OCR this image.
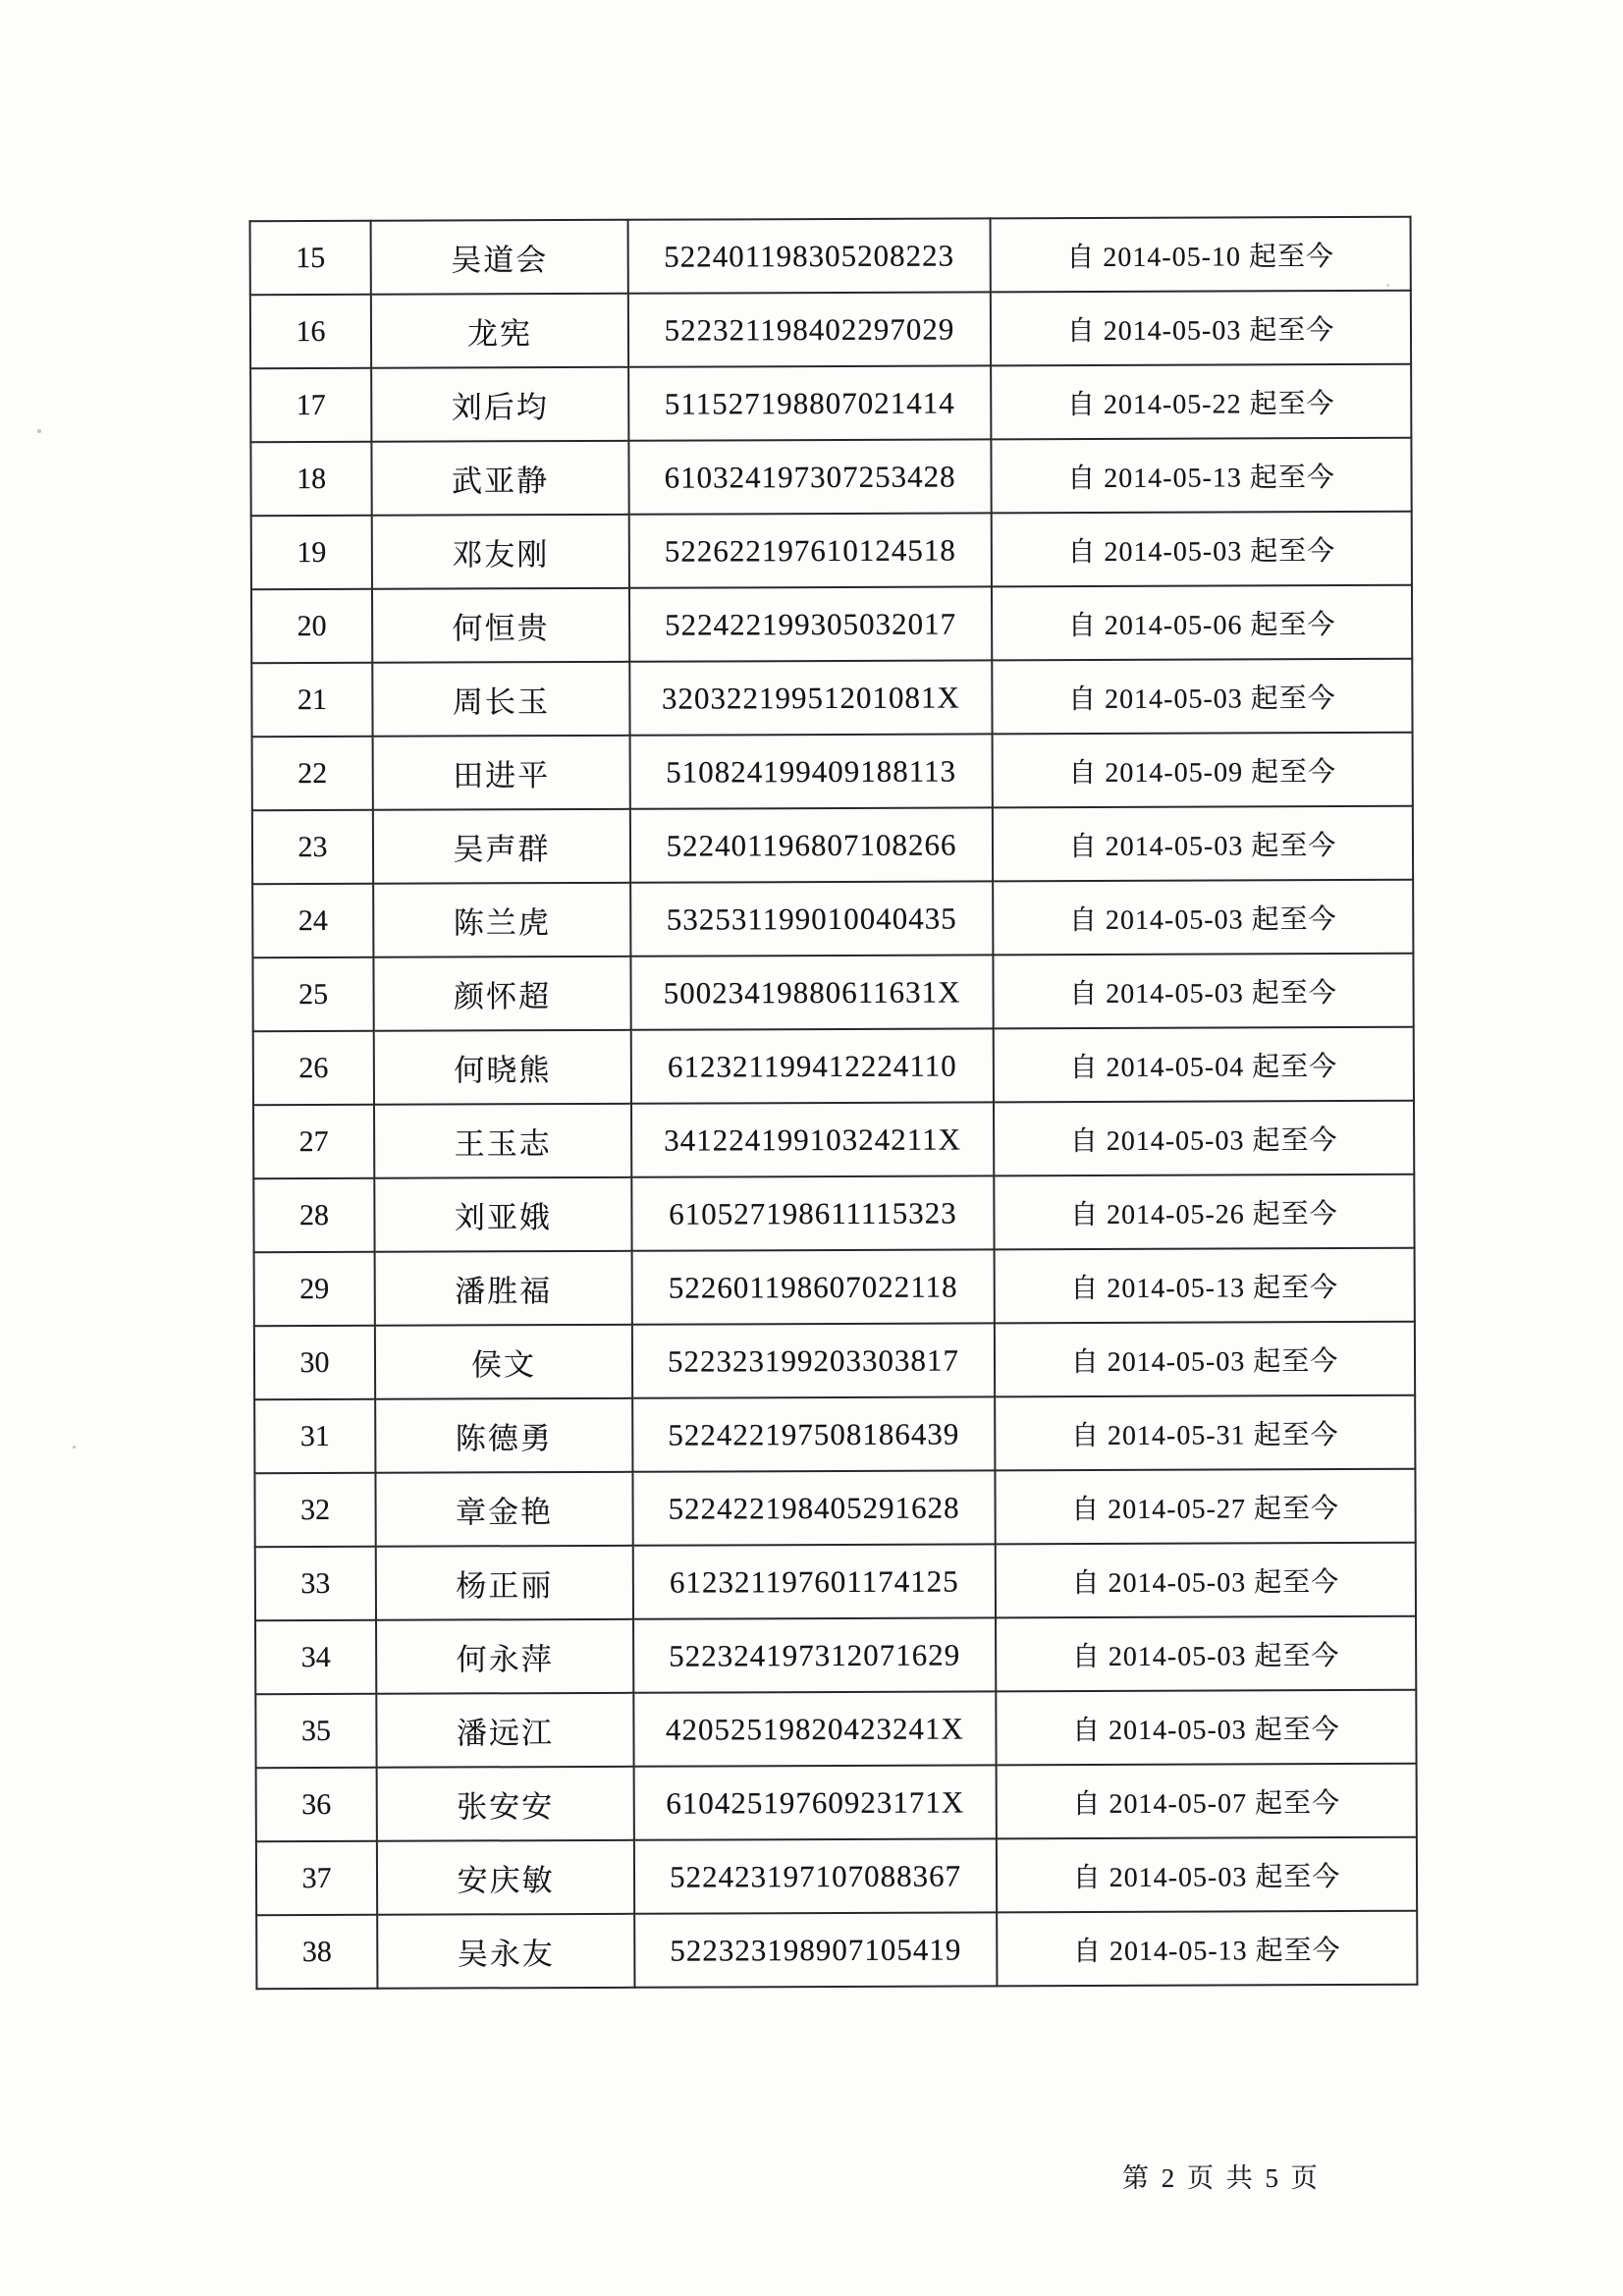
15	吴道会	522401198305208223	自 2014-05-10 起至今
16	龙宪	522321198402297029	自 2014-05-03 起至今
17	刘后均	511527198807021414	自 2014-05-22 起至今
18	武亚静	610324197307253428	自 2014-05-13 起至今
19	邓友刚	522622197610124518	自 2014-05-03 起至今
20	何恒贵	522422199305032017	自 2014-05-06 起至今
21	周长玉	32032219951201081X	自 2014-05-03 起至今
22	田进平	510824199409188113	自 2014-05-09 起至今
23	吴声群	522401196807108266	自 2014-05-03 起至今
24	陈兰虎	532531199010040435	自 2014-05-03 起至今
25	颜怀超	50023419880611631X	自 2014-05-03 起至今
26	何晓熊	612321199412224110	自 2014-05-04 起至今
27	王玉志	34122419910324211X	自 2014-05-03 起至今
28	刘亚娥	610527198611115323	自 2014-05-26 起至今
29	潘胜福	522601198607022118	自 2014-05-13 起至今
30	侯文	522323199203303817	自 2014-05-03 起至今
31	陈德勇	522422197508186439	自 2014-05-31 起至今
32	章金艳	522422198405291628	自 2014-05-27 起至今
33	杨正丽	612321197601174125	自 2014-05-03 起至今
34	何永萍	522324197312071629	自 2014-05-03 起至今
35	潘远江	42052519820423241X	自 2014-05-03 起至今
36	张安安	61042519760923171X	自 2014-05-07 起至今
37	安庆敏	522423197107088367	自 2014-05-03 起至今
38	吴永友	522323198907105419	自 2014-05-13 起至今
第 2 页 共 5 页
